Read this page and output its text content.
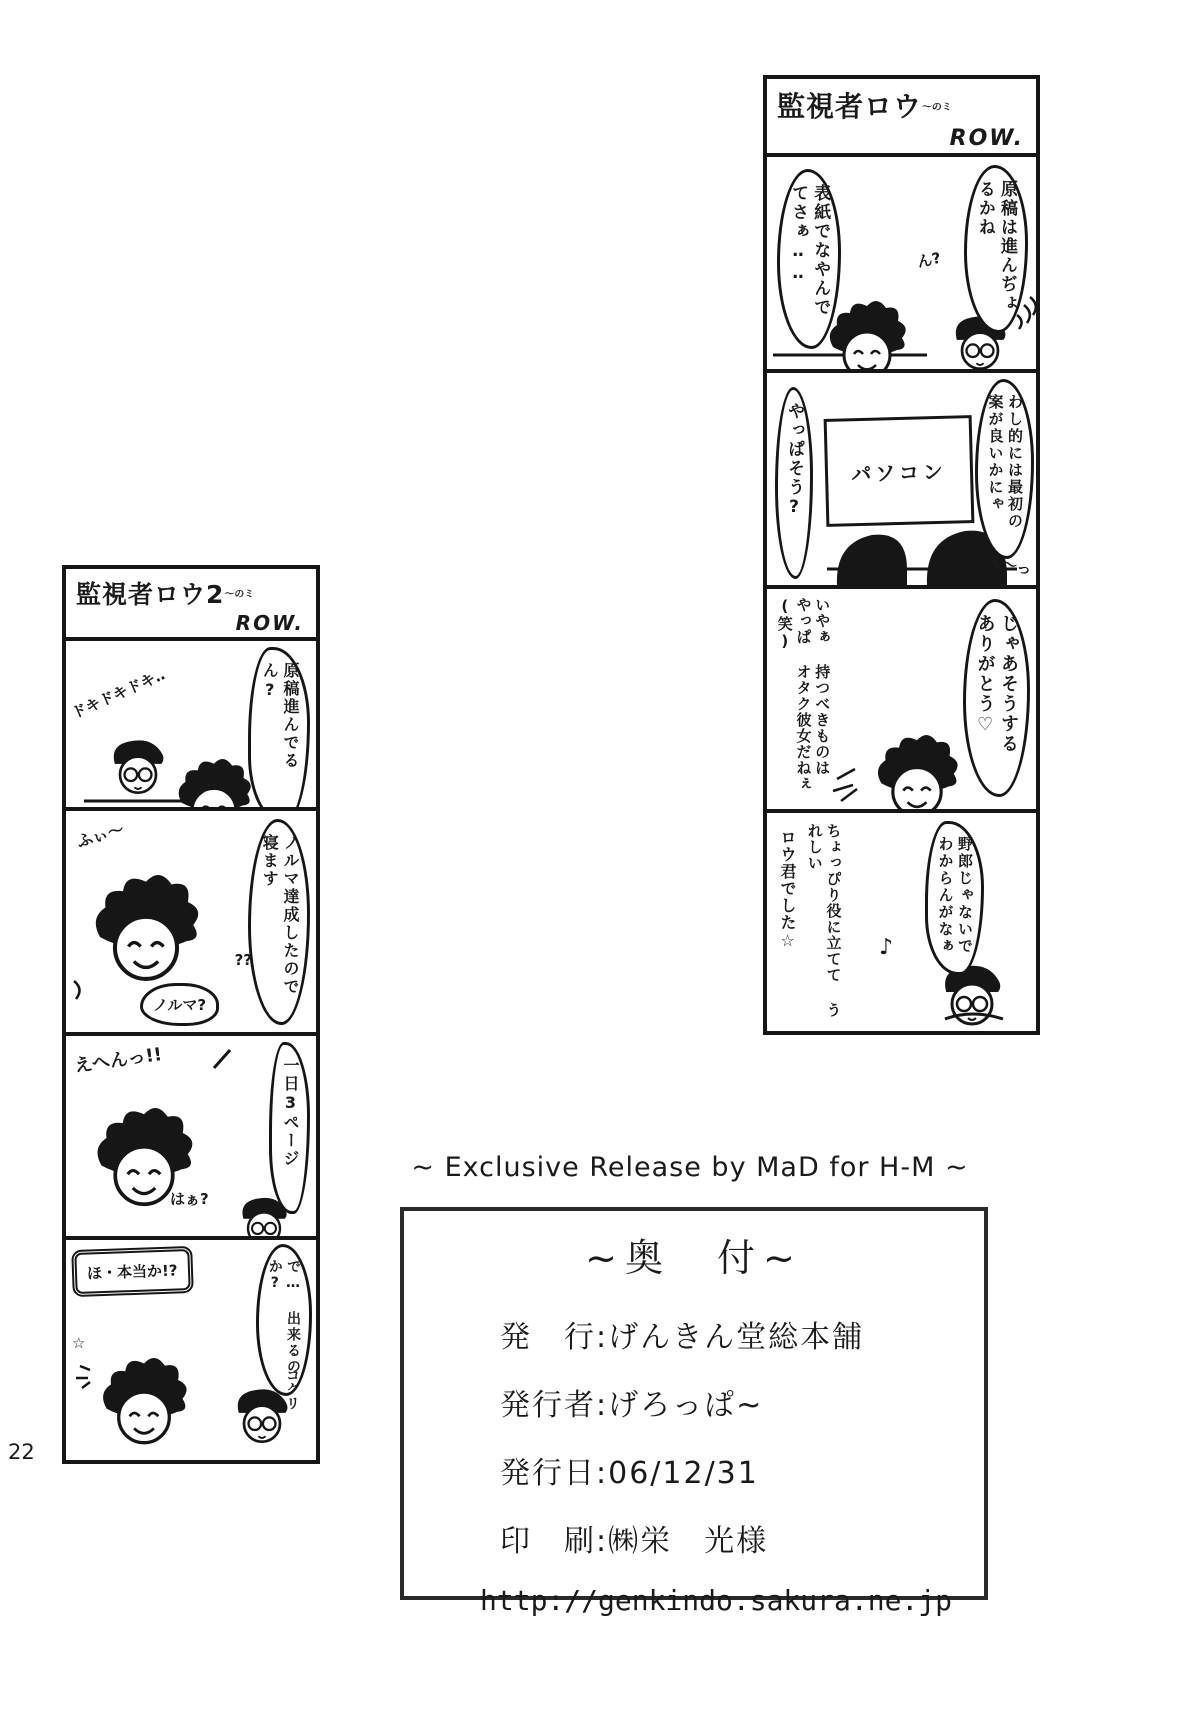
監視者ロウ$^{〜のミ}$
ROW.
原稿は進んぢょるかね
表紙でなやんでてさぁ‥‥	ん?
パソコン
やっぱそう?	わし的には最初の案が良いかにゃ
ん〜っ
じゃあそうする ありがとう♡
いやぁ 持つべきものは やっぱ オタク彼女だねぇ(笑)
野郎じゃないで わからんがなぁ
ちょっぴり役に立てて うれしい
ロウ君でした☆	♪
監視者ロウ$2^{〜のミ}$
ROW.
原稿進んでるん?
ドキドキドキ‥
ふぃ〜	ノルマ達成したので寝ます
??
ノルマ?
えへんっ!!	一日3ページ
はぁ?
ほ・本当か!?	で… 出来るのか?
コクリ
☆
~ Exclusive Release by MaD for H-M ~
~奥　付~
発　行:げんきん堂総本舗
発行者:げろっぱ~
発行日:06/12/31
印　刷:㈱栄　光様
http://genkindo.sakura.ne.jp
22
